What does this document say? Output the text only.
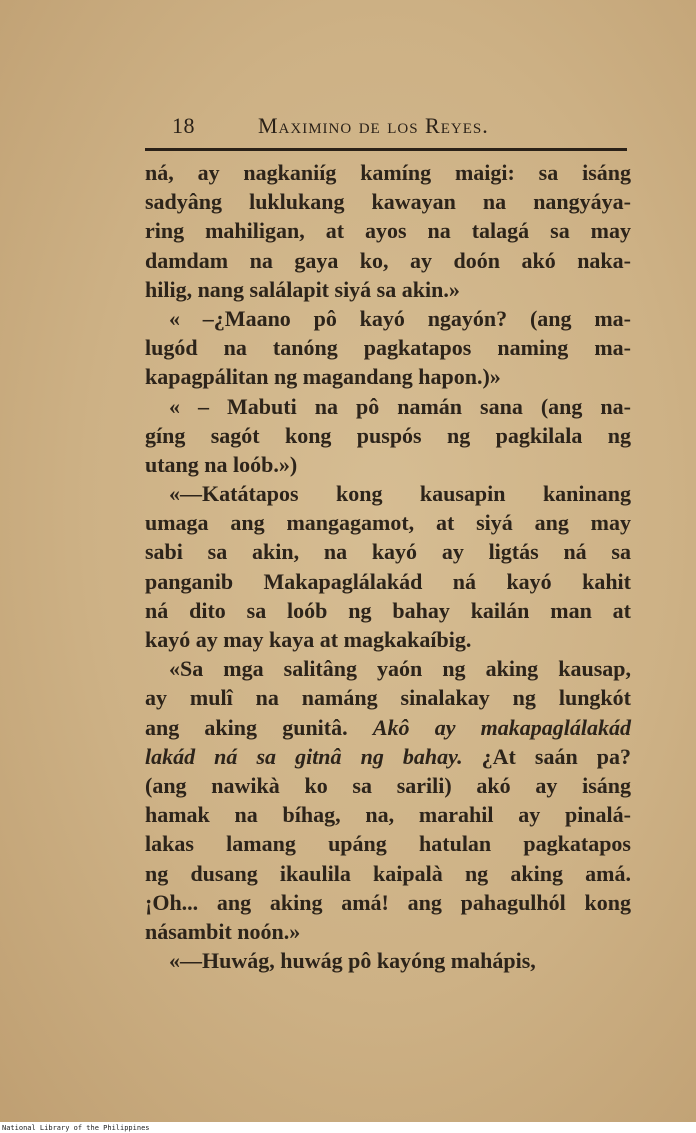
18	Maximino de los Reyes.
ná, ay nagkaniíg kamíng maigi: sa isáng
sadyâng luklukang kawayan na nangyáya-
ring mahiligan, at ayos na talagá sa may
damdam na gaya ko, ay doón akó naka-
hilig, nang salálapit siyá sa akin.»
« –¿Maano pô kayó ngayón? (ang ma-
lugód na tanóng pagkatapos naming ma-
kapagpálitan ng magandang hapon.)»
« – Mabuti na pô namán sana (ang na-
gíng sagót kong puspós ng pagkilala ng
utang na loób.»)
«—Katátapos kong kausapin kaninang
umaga ang mangagamot, at siyá ang may
sabi sa akin, na kayó ay ligtás ná sa
panganib Makapaglálakád ná kayó kahit
ná dito sa loób ng bahay kailán man at
kayó ay may kaya at magkakaíbig.
«Sa mga salitâng yaón ng aking kausap,
ay mulî na namáng sinalakay ng lungkót
ang aking gunitâ. Akô ay makapaglálakád
lakád ná sa gitnâ ng bahay. ¿At saán pa?
(ang nawikà ko sa sarili) akó ay isáng
hamak na bíhag, na, marahil ay pinalá-
lakas lamang upáng hatulan pagkatapos
ng dusang ikaulila kaipalà ng aking amá.
¡Oh... ang aking amá! ang pahagulhól kong
násambit noón.»
«—Huwág, huwág pô kayóng mahápis,
National Library of the Philippines
